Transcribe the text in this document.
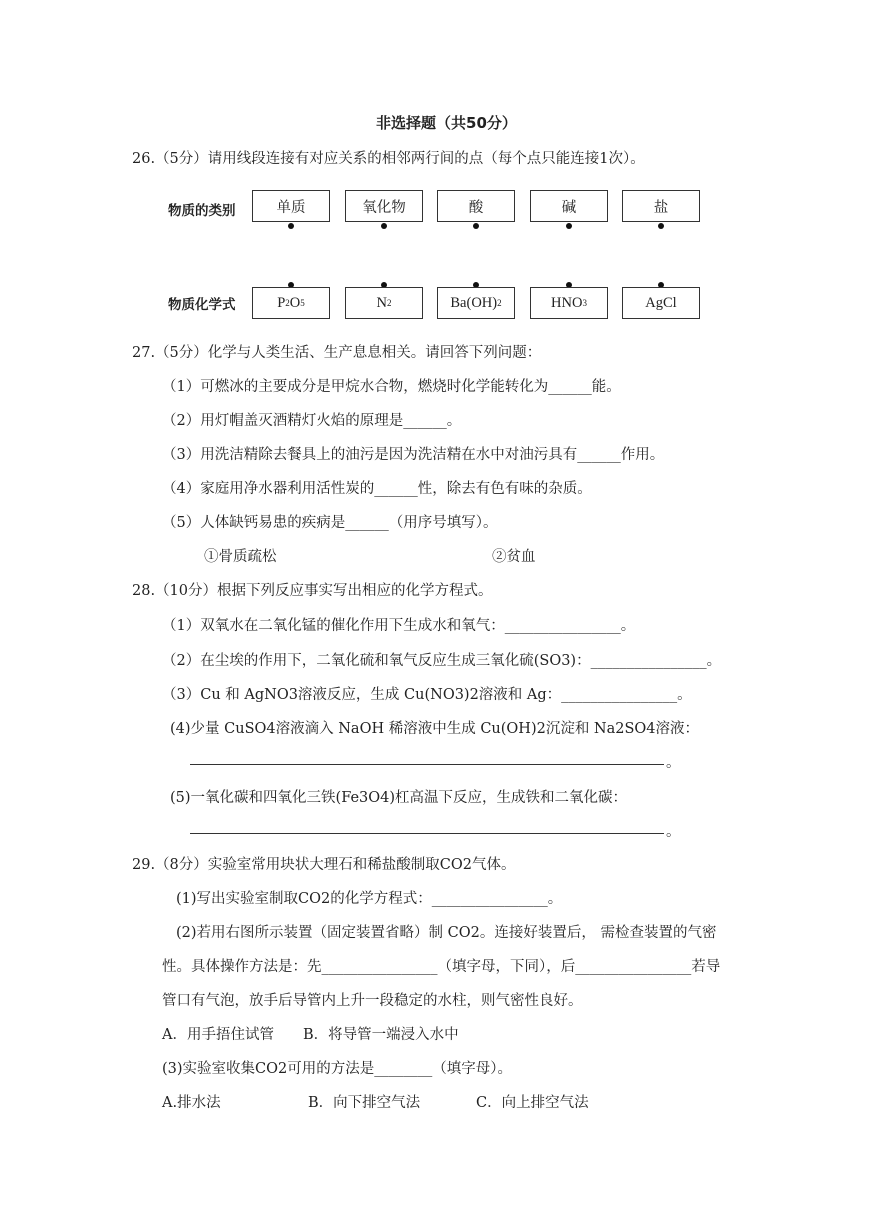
非选择题（共50分）
26.（5分）请用线段连接有对应关系的相邻两行间的点（每个点只能连接1次）。
物质的类别
物质化学式
单质	氧化物	酸	碱	盐
P 2 O 5	N 2	Ba(OH) 2	HNO 3	AgCl
27.（5分）化学与人类生活、生产息息相关。请回答下列问题：
（1）可燃冰的主要成分是甲烷水合物，燃烧时化学能转化为______能。
（2）用灯帽盖灭酒精灯火焰的原理是______。
（3）用洗洁精除去餐具上的油污是因为洗洁精在水中对油污具有______作用。
（4）家庭用净水器利用活性炭的______性，除去有色有味的杂质。
（5）人体缺钙易患的疾病是______（用序号填写）。
①骨质疏松	②贫血
28.（10分）根据下列反应事实写出相应的化学方程式。
（1）双氧水在二氧化锰的催化作用下生成水和氧气：________________。
（2）在尘埃的作用下，二氧化硫和氧气反应生成三氧化硫(SO3)：________________。
（3）Cu 和 AgNO3溶液反应，生成 Cu(NO3)2溶液和 Ag：________________。
(4)少量 CuSO4溶液滴入 NaOH 稀溶液中生成 Cu(OH)2沉淀和 Na2SO4溶液：
。
(5)一氧化碳和四氧化三铁(Fe3O4)杠高温下反应，生成铁和二氧化碳：
。
29.（8分）实验室常用块状大理石和稀盐酸制取CO2气体。
(1)写出实验室制取CO2的化学方程式：________________。
(2)若用右图所示装置（固定装置省略）制 CO2。连接好装置后， 需检查装置的气密
性。具体操作方法是：先________________（填字母，下同），后________________若导
管口有气泡，放手后导管内上升一段稳定的水柱，则气密性良好。
A．用手捂住试管　　B．将导管一端浸入水中
(3)实验室收集CO2可用的方法是________（填字母）。
A.排水法	B．向下排空气法	C．向上排空气法
